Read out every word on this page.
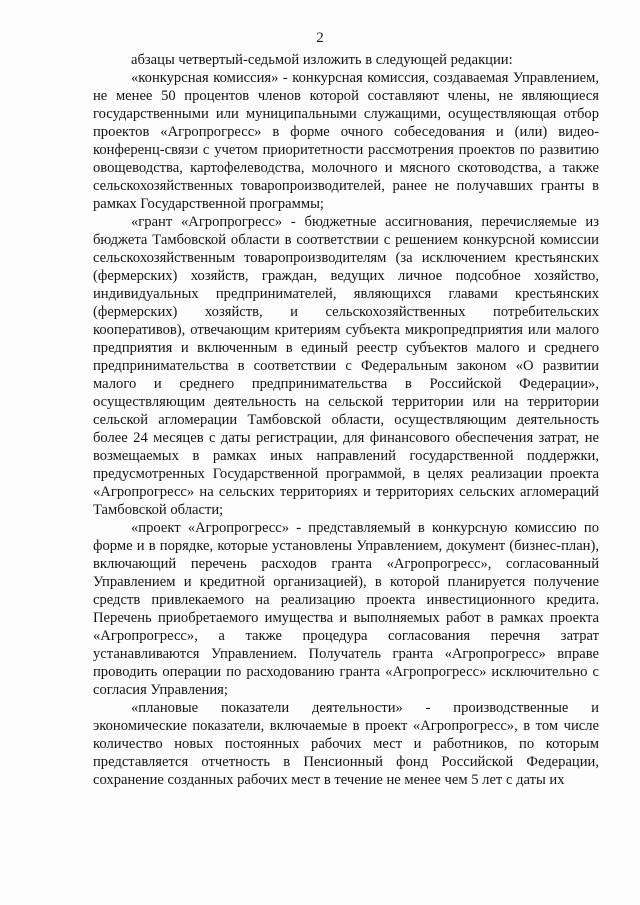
2

абзацы четвертый-седьмой изложить в следующей редакции:

«конкурсная комиссия» - конкурсная комиссия, создаваемая Управлением, не менее 50 процентов членов которой составляют члены, не являющиеся государственными или муниципальными служащими, осуществляющая отбор проектов «Агропрогресс» в форме очного собеседования и (или) видео-конференц-связи с учетом приоритетности рассмотрения проектов по развитию овощеводства, картофелеводства, молочного и мясного скотоводства, а также сельскохозяйственных товаропроизводителей, ранее не получавших гранты в рамках Государственной программы;

«грант «Агропрогресс» - бюджетные ассигнования, перечисляемые из бюджета Тамбовской области в соответствии с решением конкурсной комиссии сельскохозяйственным товаропроизводителям (за исключением крестьянских (фермерских) хозяйств, граждан, ведущих личное подсобное хозяйство, индивидуальных предпринимателей, являющихся главами крестьянских (фермерских) хозяйств, и сельскохозяйственных потребительских кооперативов), отвечающим критериям субъекта микропредприятия или малого предприятия и включенным в единый реестр субъектов малого и среднего предпринимательства в соответствии с Федеральным законом «О развитии малого и среднего предпринимательства в Российской Федерации», осуществляющим деятельность на сельской территории или на территории сельской агломерации Тамбовской области, осуществляющим деятельность более 24 месяцев с даты регистрации, для финансового обеспечения затрат, не возмещаемых в рамках иных направлений государственной поддержки, предусмотренных Государственной программой, в целях реализации проекта «Агропрогресс» на сельских территориях и территориях сельских агломераций Тамбовской области;

«проект «Агропрогресс» - представляемый в конкурсную комиссию по форме и в порядке, которые установлены Управлением, документ (бизнес-план), включающий перечень расходов гранта «Агропрогресс», согласованный Управлением и кредитной организацией), в которой планируется получение средств привлекаемого на реализацию проекта инвестиционного кредита. Перечень приобретаемого имущества и выполняемых работ в рамках проекта «Агропрогресс», а также процедура согласования перечня затрат устанавливаются Управлением. Получатель гранта «Агропрогресс» вправе проводить операции по расходованию гранта «Агропрогресс» исключительно с согласия Управления;

«плановые показатели деятельности» - производственные и экономические показатели, включаемые в проект «Агропрогресс», в том числе количество новых постоянных рабочих мест и работников, по которым представляется отчетность в Пенсионный фонд Российской Федерации, сохранение созданных рабочих мест в течение не менее чем 5 лет с даты их
